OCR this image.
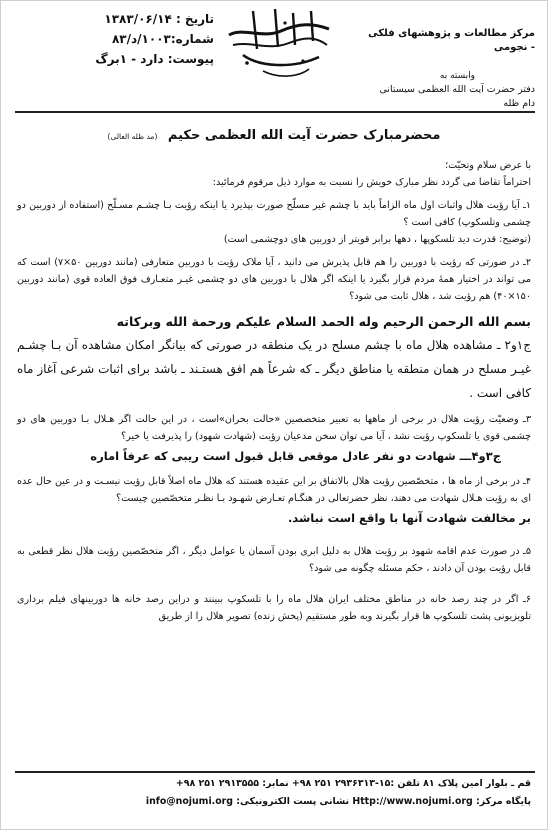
مرکز مطالعات و پژوهشهای فلکی - نجومی
وابسته به
دفتر حضرت آیت الله العظمی سیستانی دام ظله
تاریخ : ۱۳۸۳/۰۶/۱۴
شماره:۱۰۰۳/د/۸۳
پیوست: دارد - ۱برگ
محضرمبارک حضرت آیت الله العظمی حکیم (مد ظله العالی)

با عرض سلام وتحیّت؛

احتراماً تقاضا می گردد نظر مبارک خویش را نسبت به موارد ذیل مرقوم فرمائید:

۱ـ آیا رؤیت هلال واثبات اول ماه الزاماً باید با چشم غیر مسلّح صورت بپذیرد یا اینکه رؤیت بـا چشـم مسـلّح (استفاده از دوربین دو چشمی وتلسکوپ) کافی است ؟

(توضیح: قدرت دید تلسکوپها ، دهها برابر قویتر از دوربین های دوچشمی است)

۲ـ در صورتی که رؤیت با دوربین را هم قابل پذیرش می دانید ، آیا ملاک رؤیت با دوربین متعارفی (مانند دوربین ۵۰×۷) است که می تواند در اختیار همهٔ مردم قرار بگیرد یا اینکه اگر هلال با دوربین های دو چشمی غیـر متعـارف فوق العاده قوی (مانند دوربین ۱۵۰×۴۰) هم رؤیت شد ، هلال ثابت می شود؟

بسم الله الرحمن الرحيم وله الحمد السلام عليكم ورحمة الله وبركاته

ج۱و۲ ـ مشاهده هلال ماه با چشم مسلح در یک منطقه در صورتی که بیانگر امکان مشاهده آن بـا چشـم غیـر مسلح در همان منطقه یا مناطق دیگر ـ که شرعاً هم افق هستـند ـ باشد برای اثبات شرعی آغاز ماه کافی است .

۳ـ وضعیّت رؤیت هلال در برخی از ماهها به تعبیر متخصصین «حالت بحران»است ، در این حالت اگر هـلال بـا دوربین های دو چشمی قوی یا تلسکوپ رؤیت نشد ، آیا می توان سخن مدعیان رؤیت (شهادت شهود) را پذیرفت یا خیر؟

ج۳و۴ـــ شهادت دو نفر عادل موقعی قابل قبول است ریبی که عرفاً اماره

۴ـ در برخی از ماه ها ، متخصّصین رؤیت هلال بالاتفاق بر این عقیده هستند که هلال ماه اصلاً قابل رؤیت نیسـت و در عین حال عده ای به رؤیت هـلال شهادت می دهند، نظر حضرتعالی در هنگـام تعـارض شهـود بـا نظـر متخصّصین چیست؟

بر مخالفت شهادت آنها با واقع است نباشد.

۵ـ در صورت عدم اقامه شهود بر رؤیت هلال به دلیل ابری بودن آسمان یا عوامل دیگر ، اگر متخصّصین رؤیت هلال نظر قطعی به قابل رؤیت بودن آن دادند ، حکم مسئله چگونه می شود؟

۶ـ اگر در چند رصد خانه در مناطق مختلف ایران هلال ماه را با تلسکوپ ببینند و دراین رصد خانه ها دوربینهای فیلم برداری تلویزیونی پشت تلسکوپ ها قرار بگیرند وبه طور مستقیم (پخش زنده) تصویر هلال را از طریق

قم ـ بلوار امین پلاک ۸۱ تلفن :۱۵-۲۹۳۶۳۱۳ ۲۵۱ ۹۸+ نمابر: ۲۹۱۳۵۵۵ ۲۵۱ ۹۸+
پایگاه مرکز: Http://www.nojumi.org نشانی پست الکترونیکی: info@nojumi.org
